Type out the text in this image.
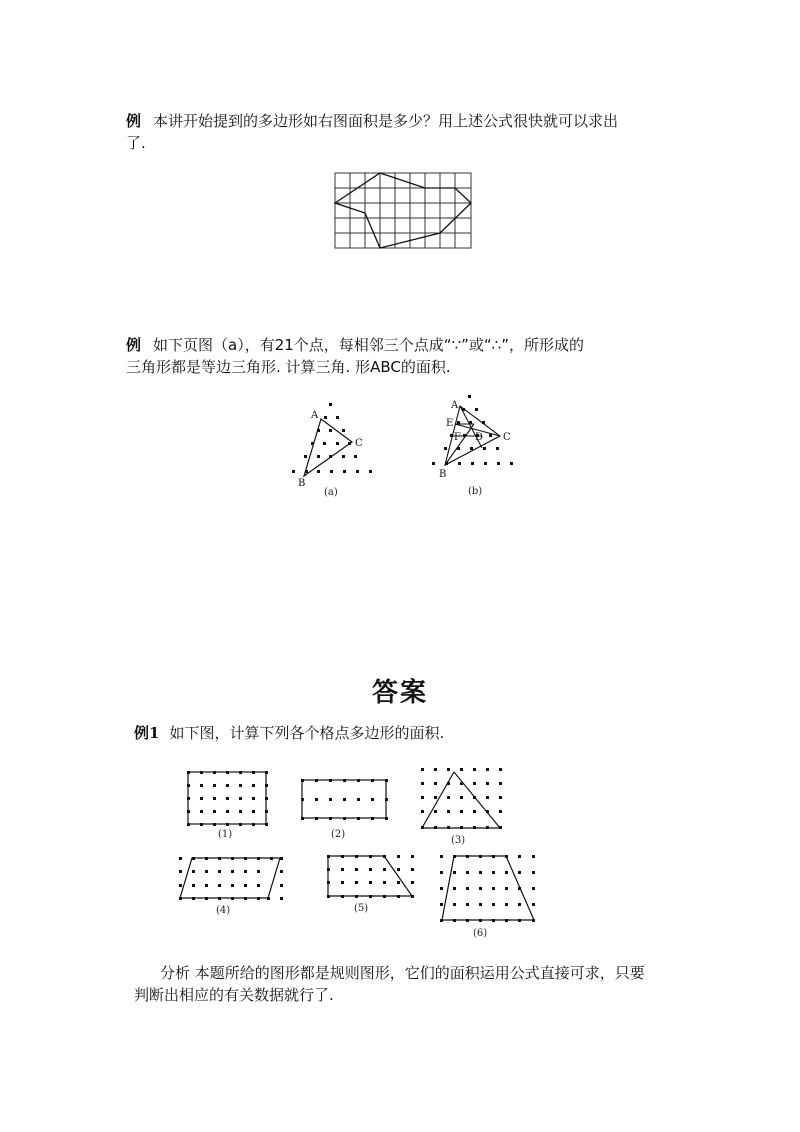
例 本讲开始提到的多边形如右图面积是多少？用上述公式很快就可以求出
了.
例 如下页图（a），有21个点，每相邻三个点成“∵”或“∴”，所形成的
三角形都是等边三角形. 计算三角. 形ABC的面积.
A
B
C
(a)
A
E
F D C
B
(b)
答案
例1 如下图，计算下列各个格点多边形的面积.
(1)	(2)
(3)
(4)	(5)
(6)
分析 本题所给的图形都是规则图形，它们的面积运用公式直接可求，只要
判断出相应的有关数据就行了.
